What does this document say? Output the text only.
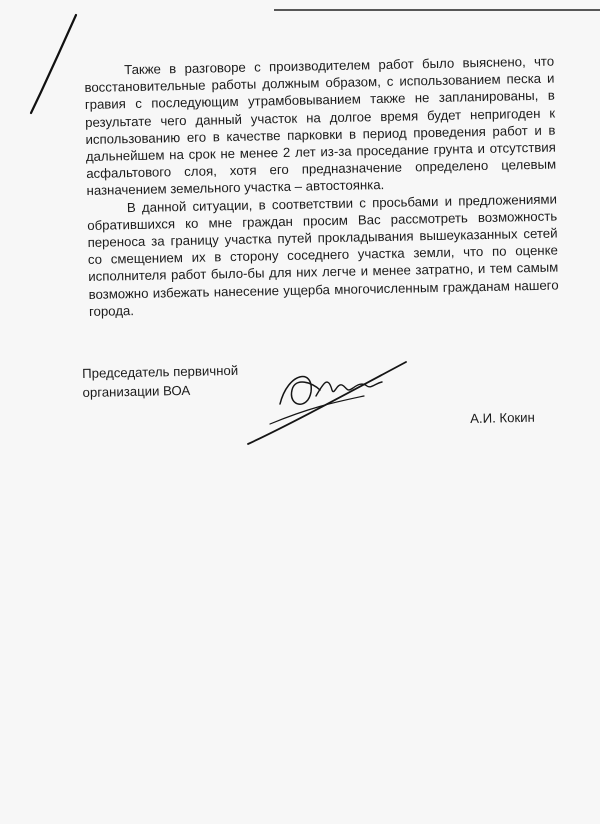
Также в разговоре с производителем работ было выяснено, что восстановительные работы должным образом, с использованием песка и гравия с последующим утрамбовыванием также не запланированы, в результате чего данный участок на долгое время будет непригоден к использованию его в качестве парковки в период проведения работ и в дальнейшем на срок не менее 2 лет из-за проседание грунта и отсутствия асфальтового слоя, хотя его предназначение определено целевым назначением земельного участка – автостоянка.

В данной ситуации, в соответствии с просьбами и предложениями обратившихся ко мне граждан просим Вас рассмотреть возможность переноса за границу участка путей прокладывания вышеуказанных сетей со смещением их в сторону соседнего участка земли, что по оценке исполнителя работ было-бы для них легче и менее затратно, и тем самым возможно избежать нанесение ущерба многочисленным гражданам нашего города.

Председатель первичной
организации ВОА
А.И. Кокин
